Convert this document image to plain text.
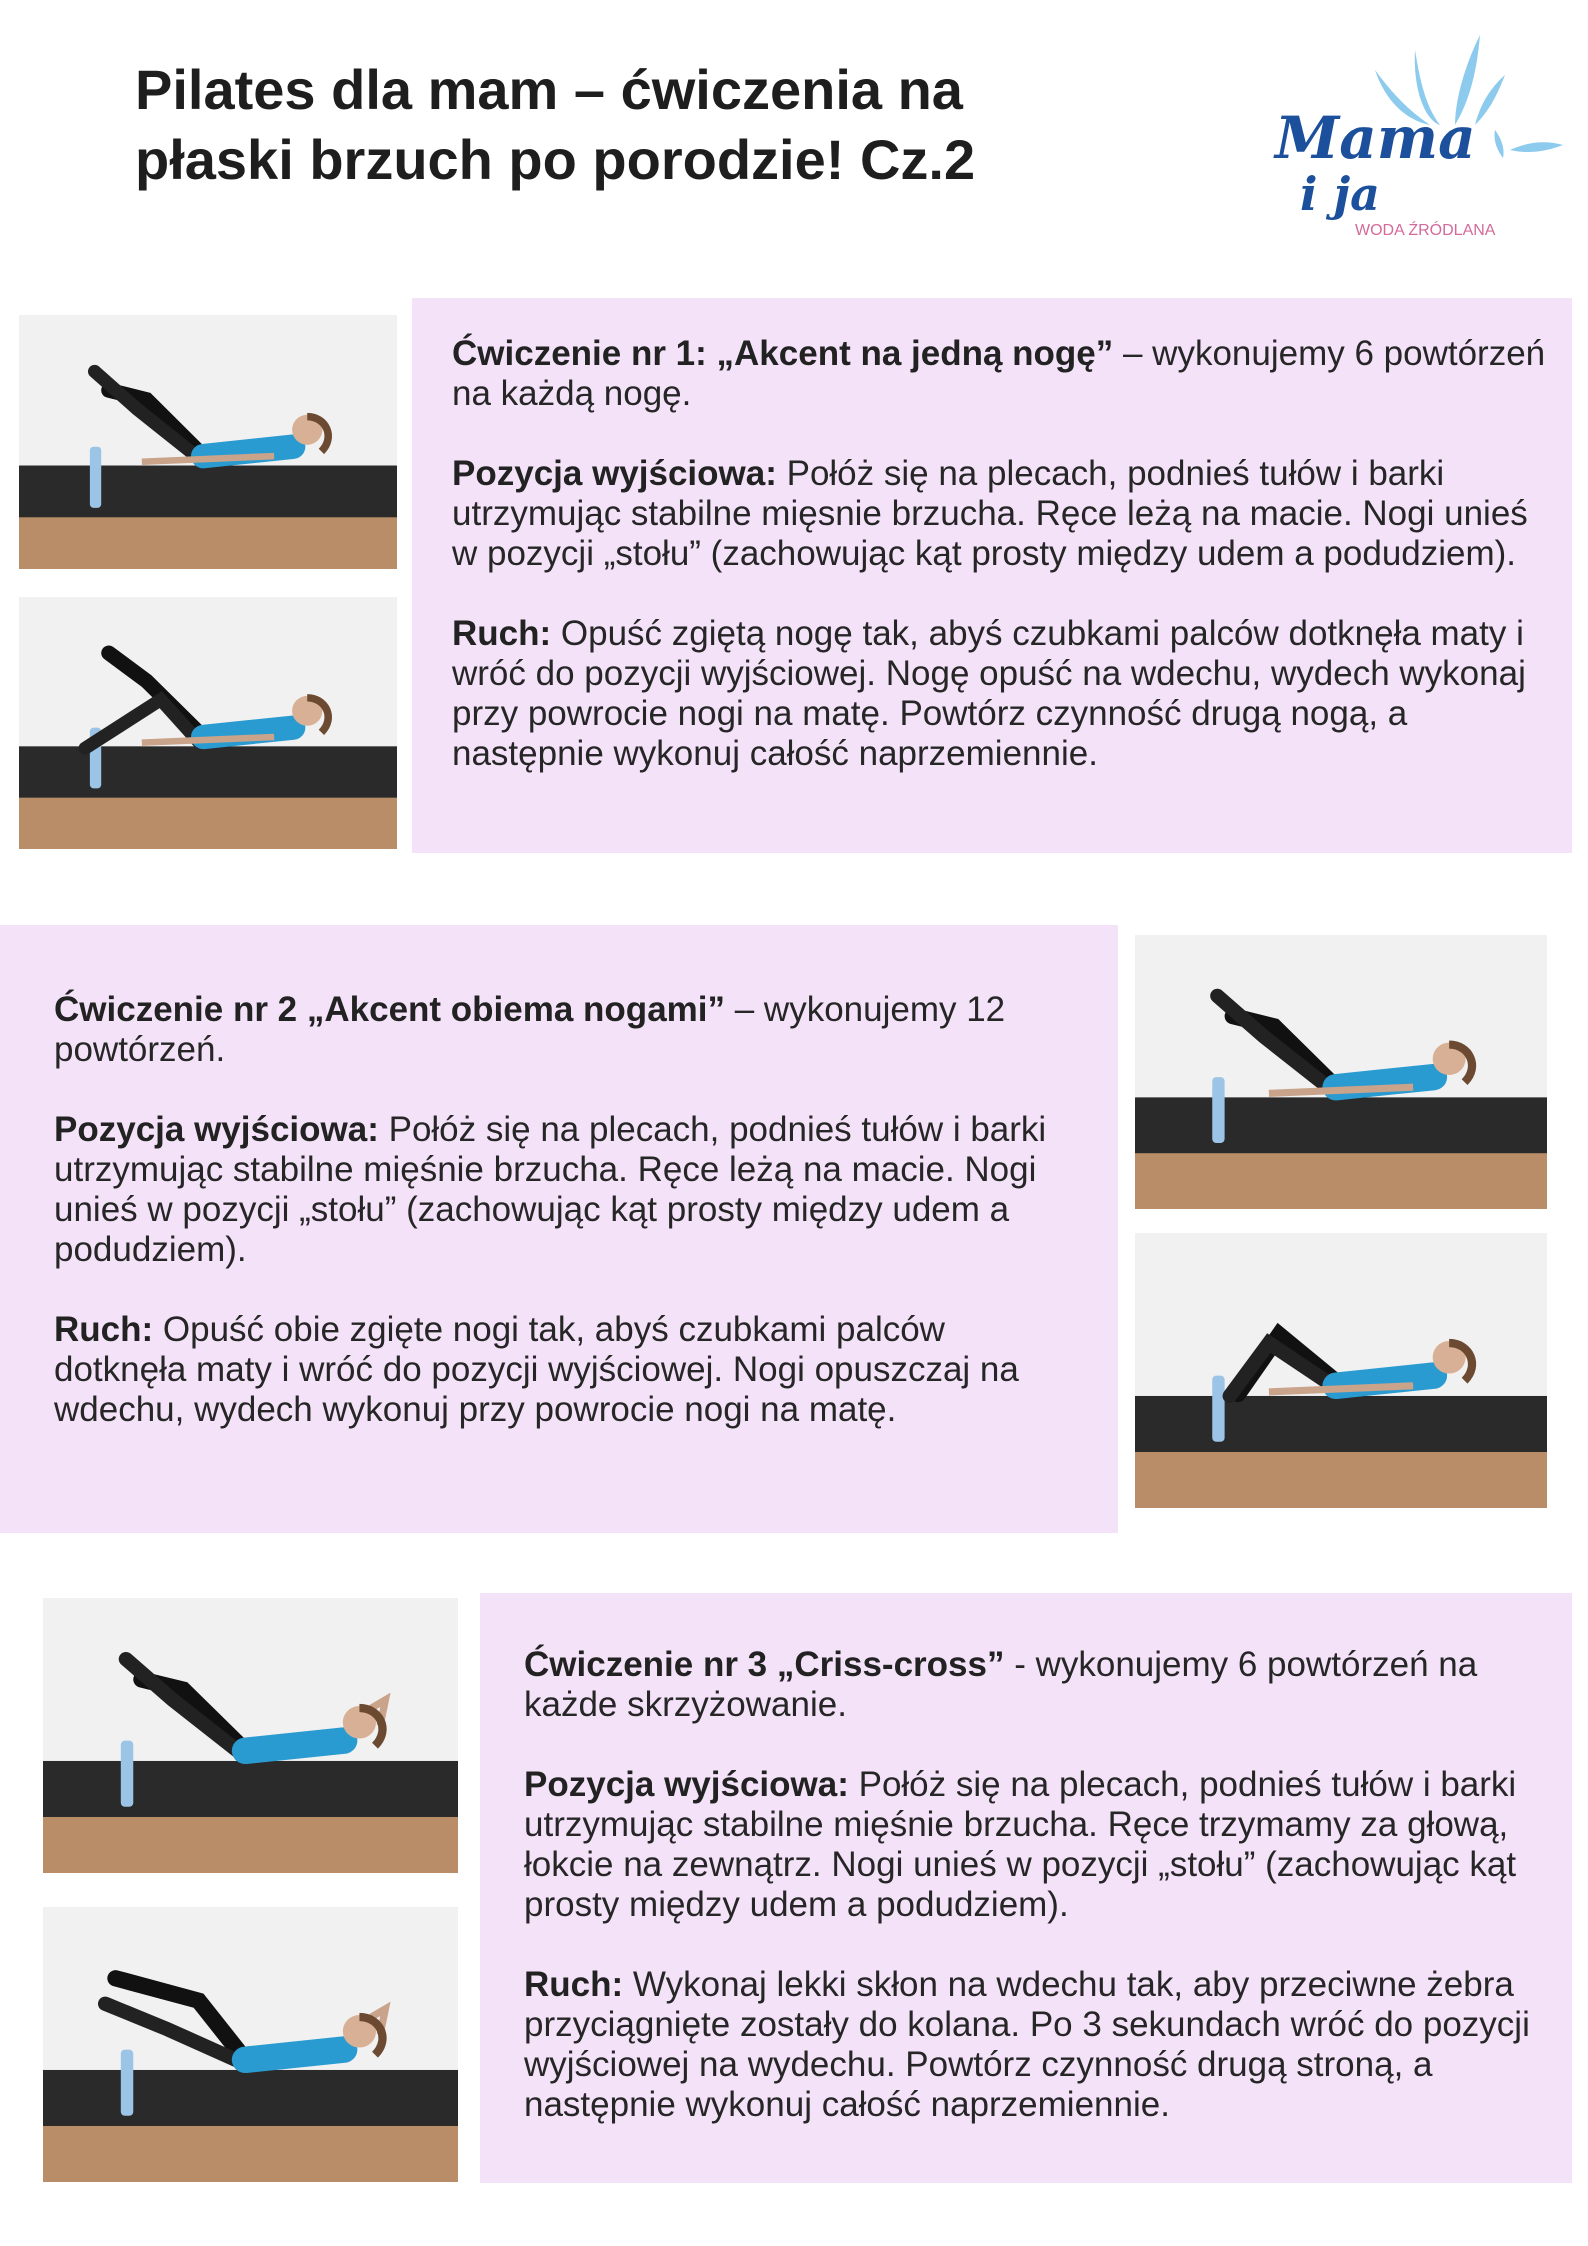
Pilates dla mam – ćwiczenia na
płaski brzuch po porodzie! Cz.2	Mama
i ja
WODA ŹRÓDLANA

Ćwiczenie nr 1: „Akcent na jedną nogę” – wykonujemy 6 powtórzeń na każdą nogę.

Pozycja wyjściowa: Połóż się na plecach, podnieś tułów i barki utrzymując stabilne mięsnie brzucha. Ręce leżą na macie. Nogi unieś w pozycji „stołu” (zachowując kąt prosty między udem a podudziem).

Ruch: Opuść zgiętą nogę tak, abyś czubkami palców dotknęła maty i wróć do pozycji wyjściowej. Nogę opuść na wdechu, wydech wykonaj przy powrocie nogi na matę. Powtórz czynność drugą nogą, a następnie wykonuj całość naprzemiennie.

Ćwiczenie nr 2 „Akcent obiema nogami” – wykonujemy 12 powtórzeń.

Pozycja wyjściowa: Połóż się na plecach, podnieś tułów i barki utrzymując stabilne mięśnie brzucha. Ręce leżą na macie. Nogi unieś w pozycji „stołu” (zachowując kąt prosty między udem a podudziem).

Ruch: Opuść obie zgięte nogi tak, abyś czubkami palców dotknęła maty i wróć do pozycji wyjściowej. Nogi opuszczaj na wdechu, wydech wykonuj przy powrocie nogi na matę.

Ćwiczenie nr 3 „Criss-cross” - wykonujemy 6 powtórzeń na każde skrzyżowanie.

Pozycja wyjściowa: Połóż się na plecach, podnieś tułów i barki utrzymując stabilne mięśnie brzucha. Ręce trzymamy za głową, łokcie na zewnątrz. Nogi unieś w pozycji „stołu” (zachowując kąt prosty między udem a podudziem).

Ruch: Wykonaj lekki skłon na wdechu tak, aby przeciwne żebra przyciągnięte zostały do kolana. Po 3 sekundach wróć do pozycji wyjściowej na wydechu. Powtórz czynność drugą stroną, a następnie wykonuj całość naprzemiennie.
